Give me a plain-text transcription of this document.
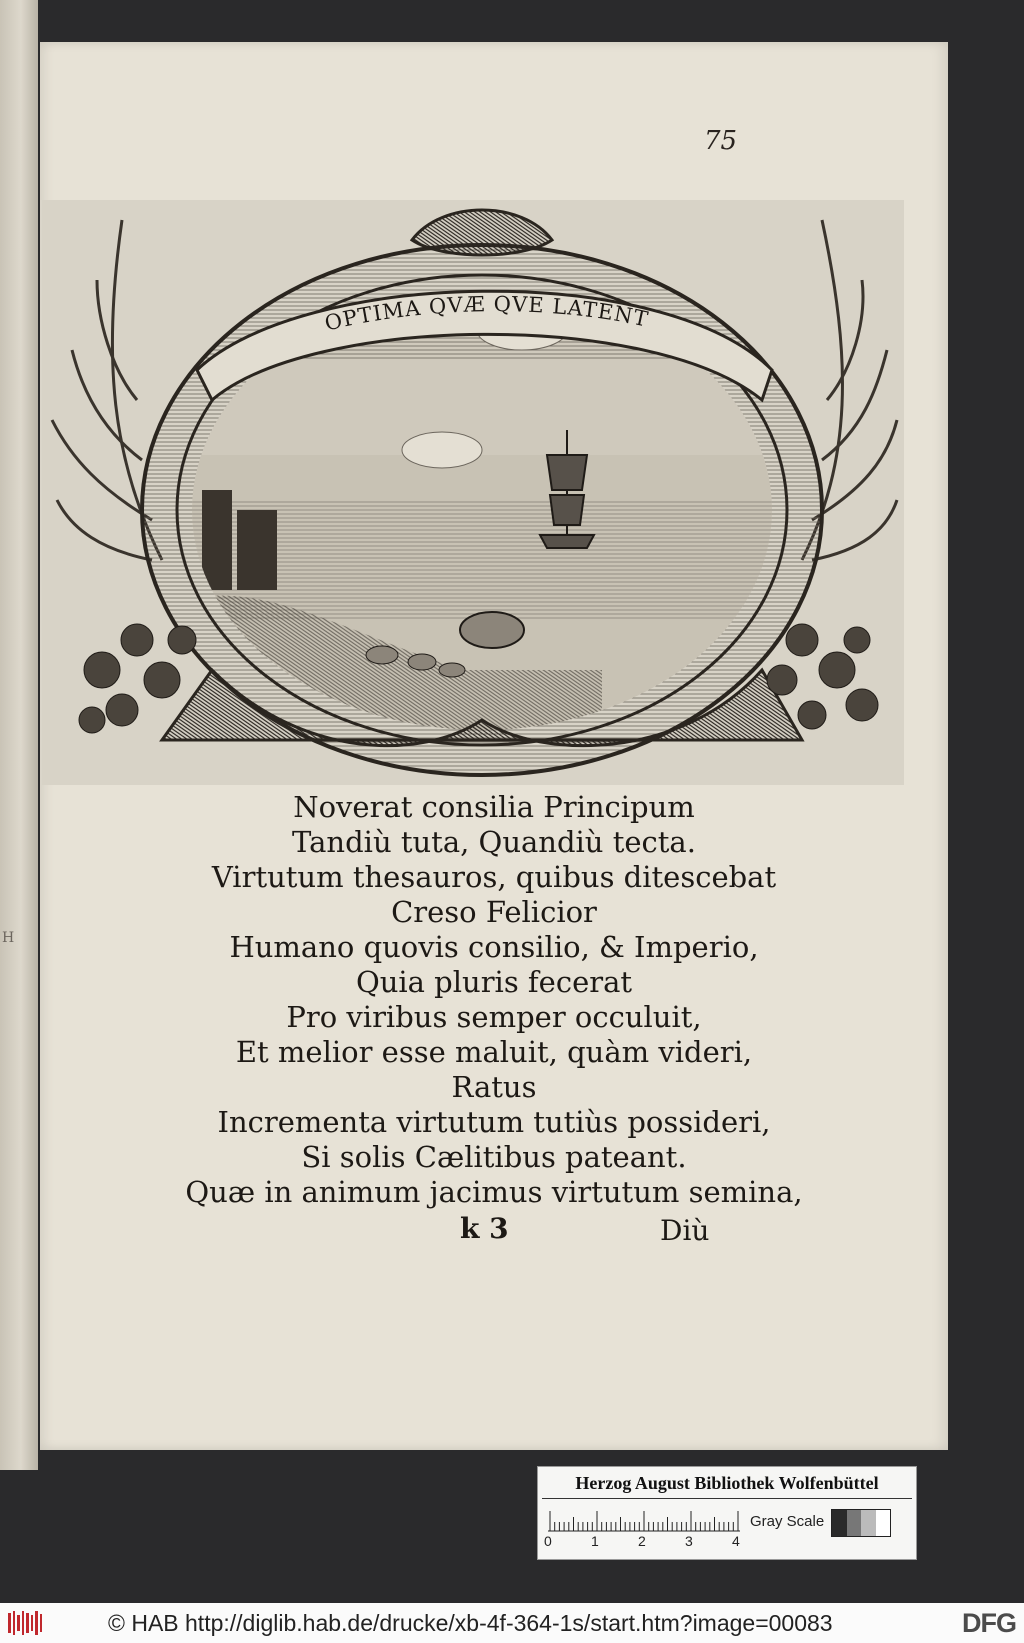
H
75
OPTIMA QVÆ QVE LATENT
Noverat consilia Principum
Tandiù tuta, Quandiù tecta.
Virtutum thesauros, quibus ditescebat
Creso Felicior
Humano quovis consilio, & Imperio,
Quia pluris fecerat
Pro viribus semper occuluit,
Et melior esse maluit, quàm videri,
Ratus
Incrementa virtutum tutiùs possideri,
Si solis Cælitibus pateant.
Quæ in animum jacimus virtutum semina,
k 3	Diù
Herzog August Bibliothek Wolfenbüttel
0	1	2	3	4
Gray Scale
© HAB http://diglib.hab.de/drucke/xb-4f-364-1s/start.htm?image=00083	DFG
